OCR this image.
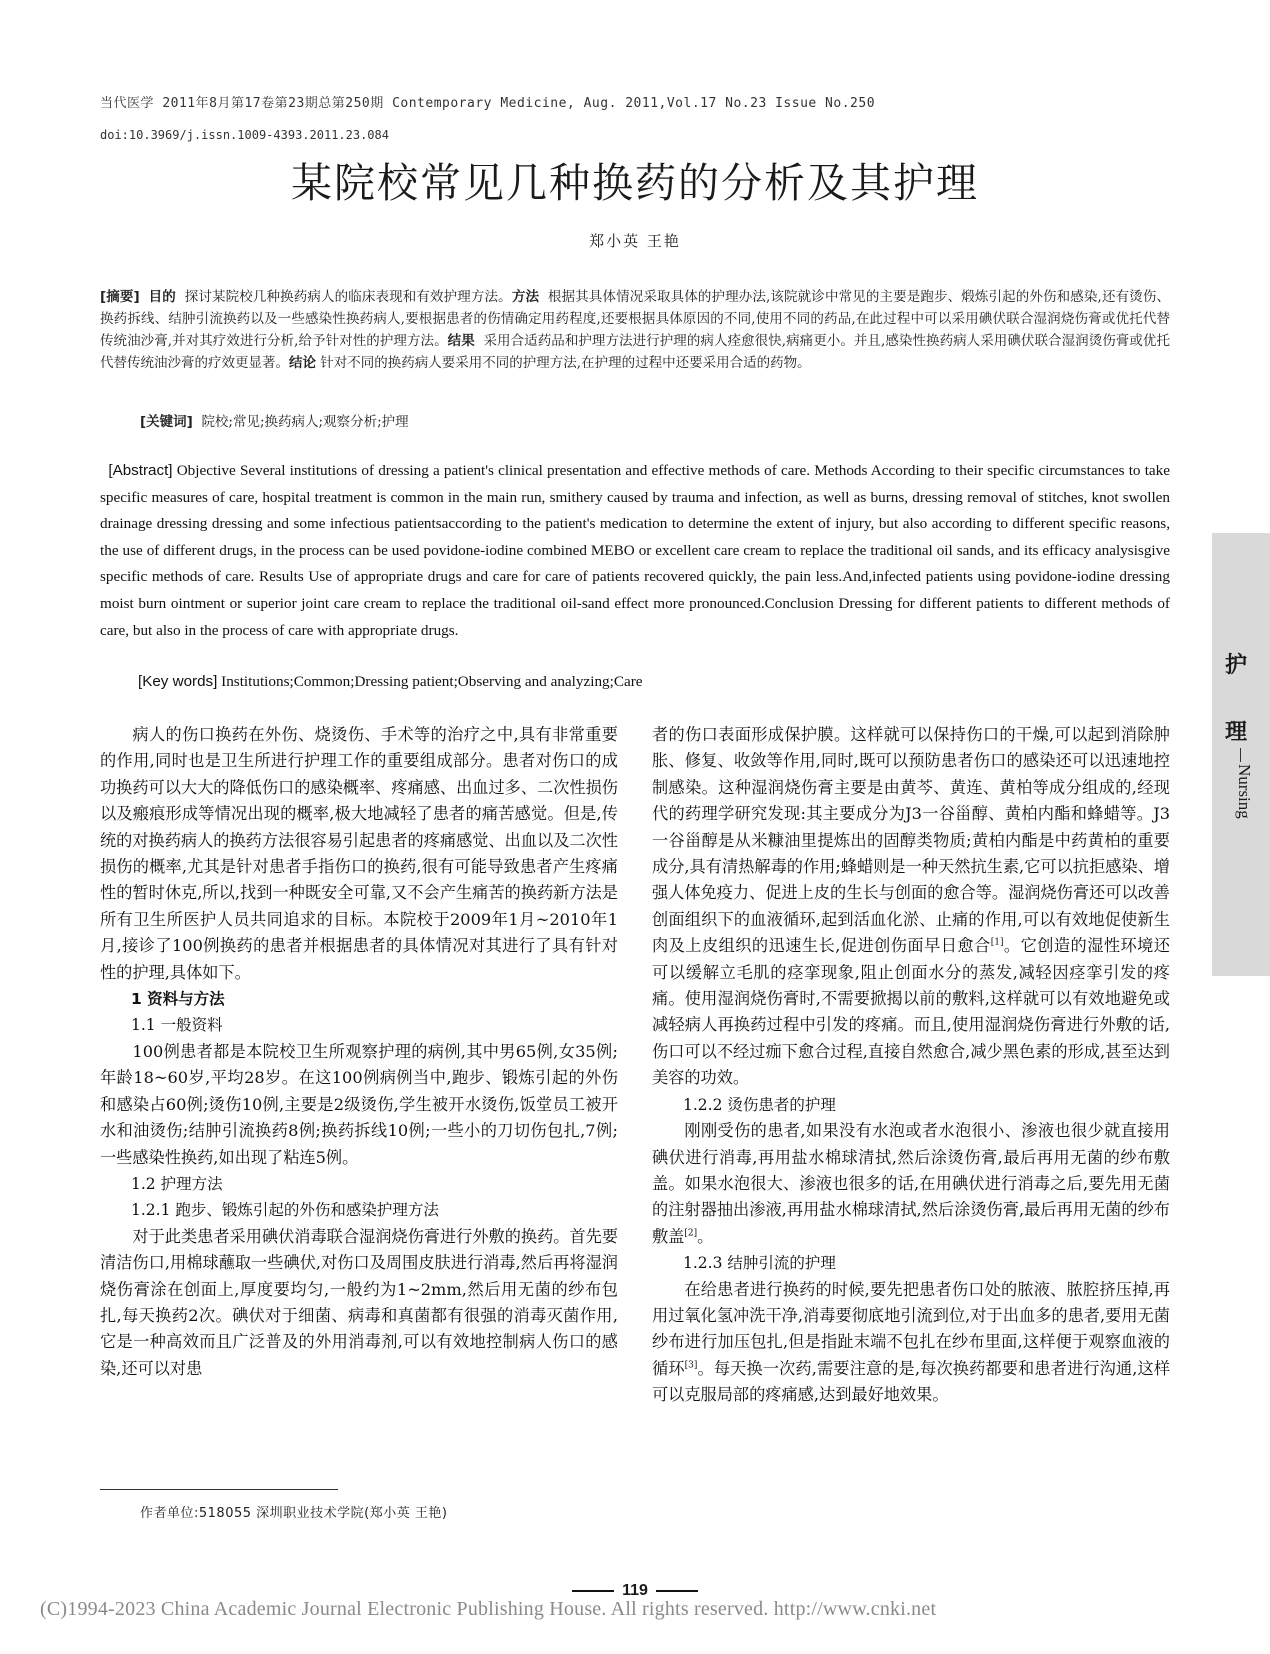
当代医学 2011年8月第17卷第23期总第250期 Contemporary Medicine, Aug. 2011,Vol.17 No.23 Issue No.250
doi:10.3969/j.issn.1009-4393.2011.23.084
某院校常见几种换药的分析及其护理
郑小英 王艳
[摘要] 目的 探讨某院校几种换药病人的临床表现和有效护理方法。方法 根据其具体情况采取具体的护理办法,该院就诊中常见的主要是跑步、煅炼引起的外伤和感染,还有烫伤、换药拆线、结肿引流换药以及一些感染性换药病人,要根据患者的伤情确定用药程度,还要根据具体原因的不同,使用不同的药品,在此过程中可以采用碘伏联合湿润烧伤膏或优托代替传统油沙膏,并对其疗效进行分析,给予针对性的护理方法。结果 采用合适药品和护理方法进行护理的病人痊愈很快,病痛更小。并且,感染性换药病人采用碘伏联合湿润烫伤膏或优托代替传统油沙膏的疗效更显著。结论 针对不同的换药病人要采用不同的护理方法,在护理的过程中还要采用合适的药物。
[关键词] 院校;常见;换药病人;观察分析;护理
[Abstract] Objective Several institutions of dressing a patient's clinical presentation and effective methods of care. Methods According to their specific circumstances to take specific measures of care, hospital treatment is common in the main run, smithery caused by trauma and infection, as well as burns, dressing removal of stitches, knot swollen drainage dressing dressing and some infectious patientsaccording to the patient's medication to determine the extent of injury, but also according to different specific reasons, the use of different drugs, in the process can be used povidone-iodine combined MEBO or excellent care cream to replace the traditional oil sands, and its efficacy analysisgive specific methods of care. Results Use of appropriate drugs and care for care of patients recovered quickly, the pain less.And,infected patients using povidone-iodine dressing moist burn ointment or superior joint care cream to replace the traditional oil-sand effect more pronounced.Conclusion Dressing for different patients to different methods of care, but also in the process of care with appropriate drugs.
[Key words] Institutions;Common;Dressing patient;Observing and analyzing;Care

病人的伤口换药在外伤、烧烫伤、手术等的治疗之中,具有非常重要的作用,同时也是卫生所进行护理工作的重要组成部分。患者对伤口的成功换药可以大大的降低伤口的感染概率、疼痛感、出血过多、二次性损伤以及瘢痕形成等情况出现的概率,极大地减轻了患者的痛苦感觉。但是,传统的对换药病人的换药方法很容易引起患者的疼痛感觉、出血以及二次性损伤的概率,尤其是针对患者手指伤口的换药,很有可能导致患者产生疼痛性的暂时休克,所以,找到一种既安全可靠,又不会产生痛苦的换药新方法是所有卫生所医护人员共同追求的目标。本院校于2009年1月~2010年1月,接诊了100例换药的患者并根据患者的具体情况对其进行了具有针对性的护理,具体如下。

1 资料与方法

1.1 一般资料

100例患者都是本院校卫生所观察护理的病例,其中男65例,女35例;年龄18~60岁,平均28岁。在这100例病例当中,跑步、锻炼引起的外伤和感染占60例;烫伤10例,主要是2级烫伤,学生被开水烫伤,饭堂员工被开水和油烫伤;结肿引流换药8例;换药拆线10例;一些小的刀切伤包扎,7例;一些感染性换药,如出现了粘连5例。

1.2 护理方法

1.2.1 跑步、锻炼引起的外伤和感染护理方法

对于此类患者采用碘伏消毒联合湿润烧伤膏进行外敷的换药。首先要清洁伤口,用棉球蘸取一些碘伏,对伤口及周围皮肤进行消毒,然后再将湿润烧伤膏涂在创面上,厚度要均匀,一般约为1~2mm,然后用无菌的纱布包扎,每天换药2次。碘伏对于细菌、病毒和真菌都有很强的消毒灭菌作用,它是一种高效而且广泛普及的外用消毒剂,可以有效地控制病人伤口的感染,还可以对患

者的伤口表面形成保护膜。这样就可以保持伤口的干燥,可以起到消除肿胀、修复、收敛等作用,同时,既可以预防患者伤口的感染还可以迅速地控制感染。这种湿润烧伤膏主要是由黄芩、黄连、黄柏等成分组成的,经现代的药理学研究发现:其主要成分为J3一谷甾醇、黄柏内酯和蜂蜡等。J3一谷甾醇是从米糠油里提炼出的固醇类物质;黄柏内酯是中药黄柏的重要成分,具有清热解毒的作用;蜂蜡则是一种天然抗生素,它可以抗拒感染、增强人体免疫力、促进上皮的生长与创面的愈合等。湿润烧伤膏还可以改善创面组织下的血液循环,起到活血化淤、止痛的作用,可以有效地促使新生肉及上皮组织的迅速生长,促进创伤面早日愈合[1]。它创造的湿性环境还可以缓解立毛肌的痉挛现象,阻止创面水分的蒸发,减轻因痉挛引发的疼痛。使用湿润烧伤膏时,不需要掀揭以前的敷料,这样就可以有效地避免或减轻病人再换药过程中引发的疼痛。而且,使用湿润烧伤膏进行外敷的话,伤口可以不经过痂下愈合过程,直接自然愈合,减少黑色素的形成,甚至达到美容的功效。

1.2.2 烫伤患者的护理

刚刚受伤的患者,如果没有水泡或者水泡很小、渗液也很少就直接用碘伏进行消毒,再用盐水棉球清拭,然后涂烫伤膏,最后再用无菌的纱布敷盖。如果水泡很大、渗液也很多的话,在用碘伏进行消毒之后,要先用无菌的注射器抽出渗液,再用盐水棉球清拭,然后涂烫伤膏,最后再用无菌的纱布敷盖[2]。

1.2.3 结肿引流的护理

在给患者进行换药的时候,要先把患者伤口处的脓液、脓腔挤压掉,再用过氧化氢冲洗干净,消毒要彻底地引流到位,对于出血多的患者,要用无菌纱布进行加压包扎,但是指趾末端不包扎在纱布里面,这样便于观察血液的循环[3]。每天换一次药,需要注意的是,每次换药都要和患者进行沟通,这样可以克服局部的疼痛感,达到最好地效果。

作者单位:518055 深圳职业技术学院(郑小英 王艳)
护
理
Nursing
119
(C)1994-2023 China Academic Journal Electronic Publishing House. All rights reserved. http://www.cnki.net
